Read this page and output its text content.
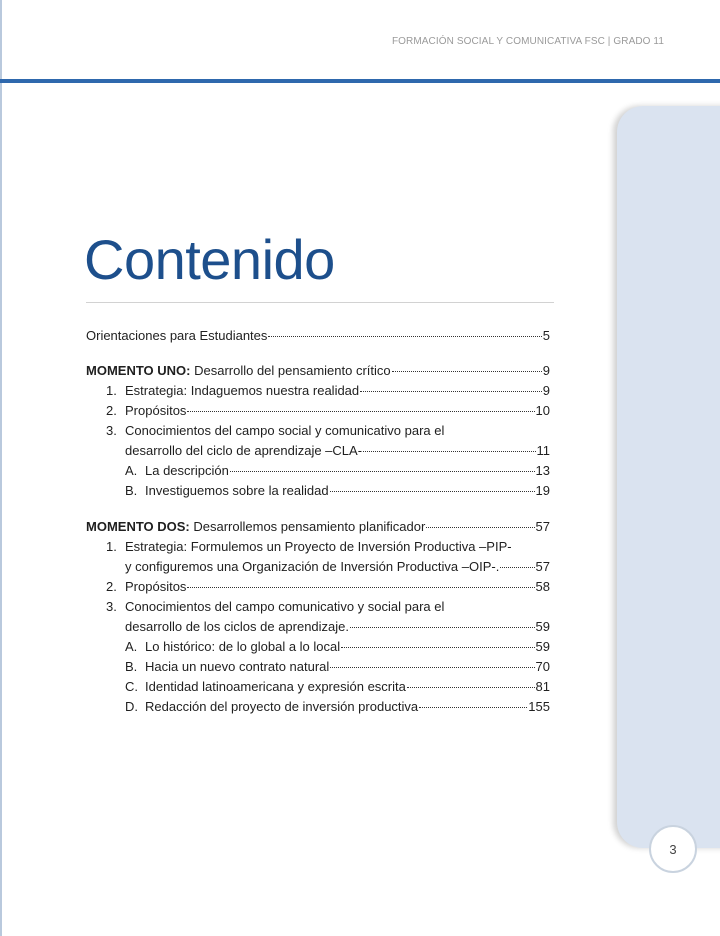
FORMACIÓN SOCIAL Y COMUNICATIVA FSC | GRADO 11
3
Contenido
Orientaciones para Estudiantes	5
MOMENTO UNO: Desarrollo del pensamiento crítico	9
1. Estrategia: Indaguemos nuestra realidad	9
2. Propósitos	10
3. Conocimientos del campo social y comunicativo para el
desarrollo del ciclo de aprendizaje –CLA-	11
A. La descripción	13
B. Investiguemos sobre la realidad	19
MOMENTO DOS: Desarrollemos pensamiento planificador	57
1. Estrategia: Formulemos un Proyecto de Inversión Productiva –PIP-
y configuremos una Organización de Inversión Productiva –OIP-.	57
2. Propósitos	58
3. Conocimientos del campo comunicativo y social para el
desarrollo de los ciclos de aprendizaje.	59
A. Lo histórico: de lo global a lo local	59
B. Hacia un nuevo contrato natural	70
C. Identidad latinoamericana y expresión escrita	81
D. Redacción del proyecto de inversión productiva	155
